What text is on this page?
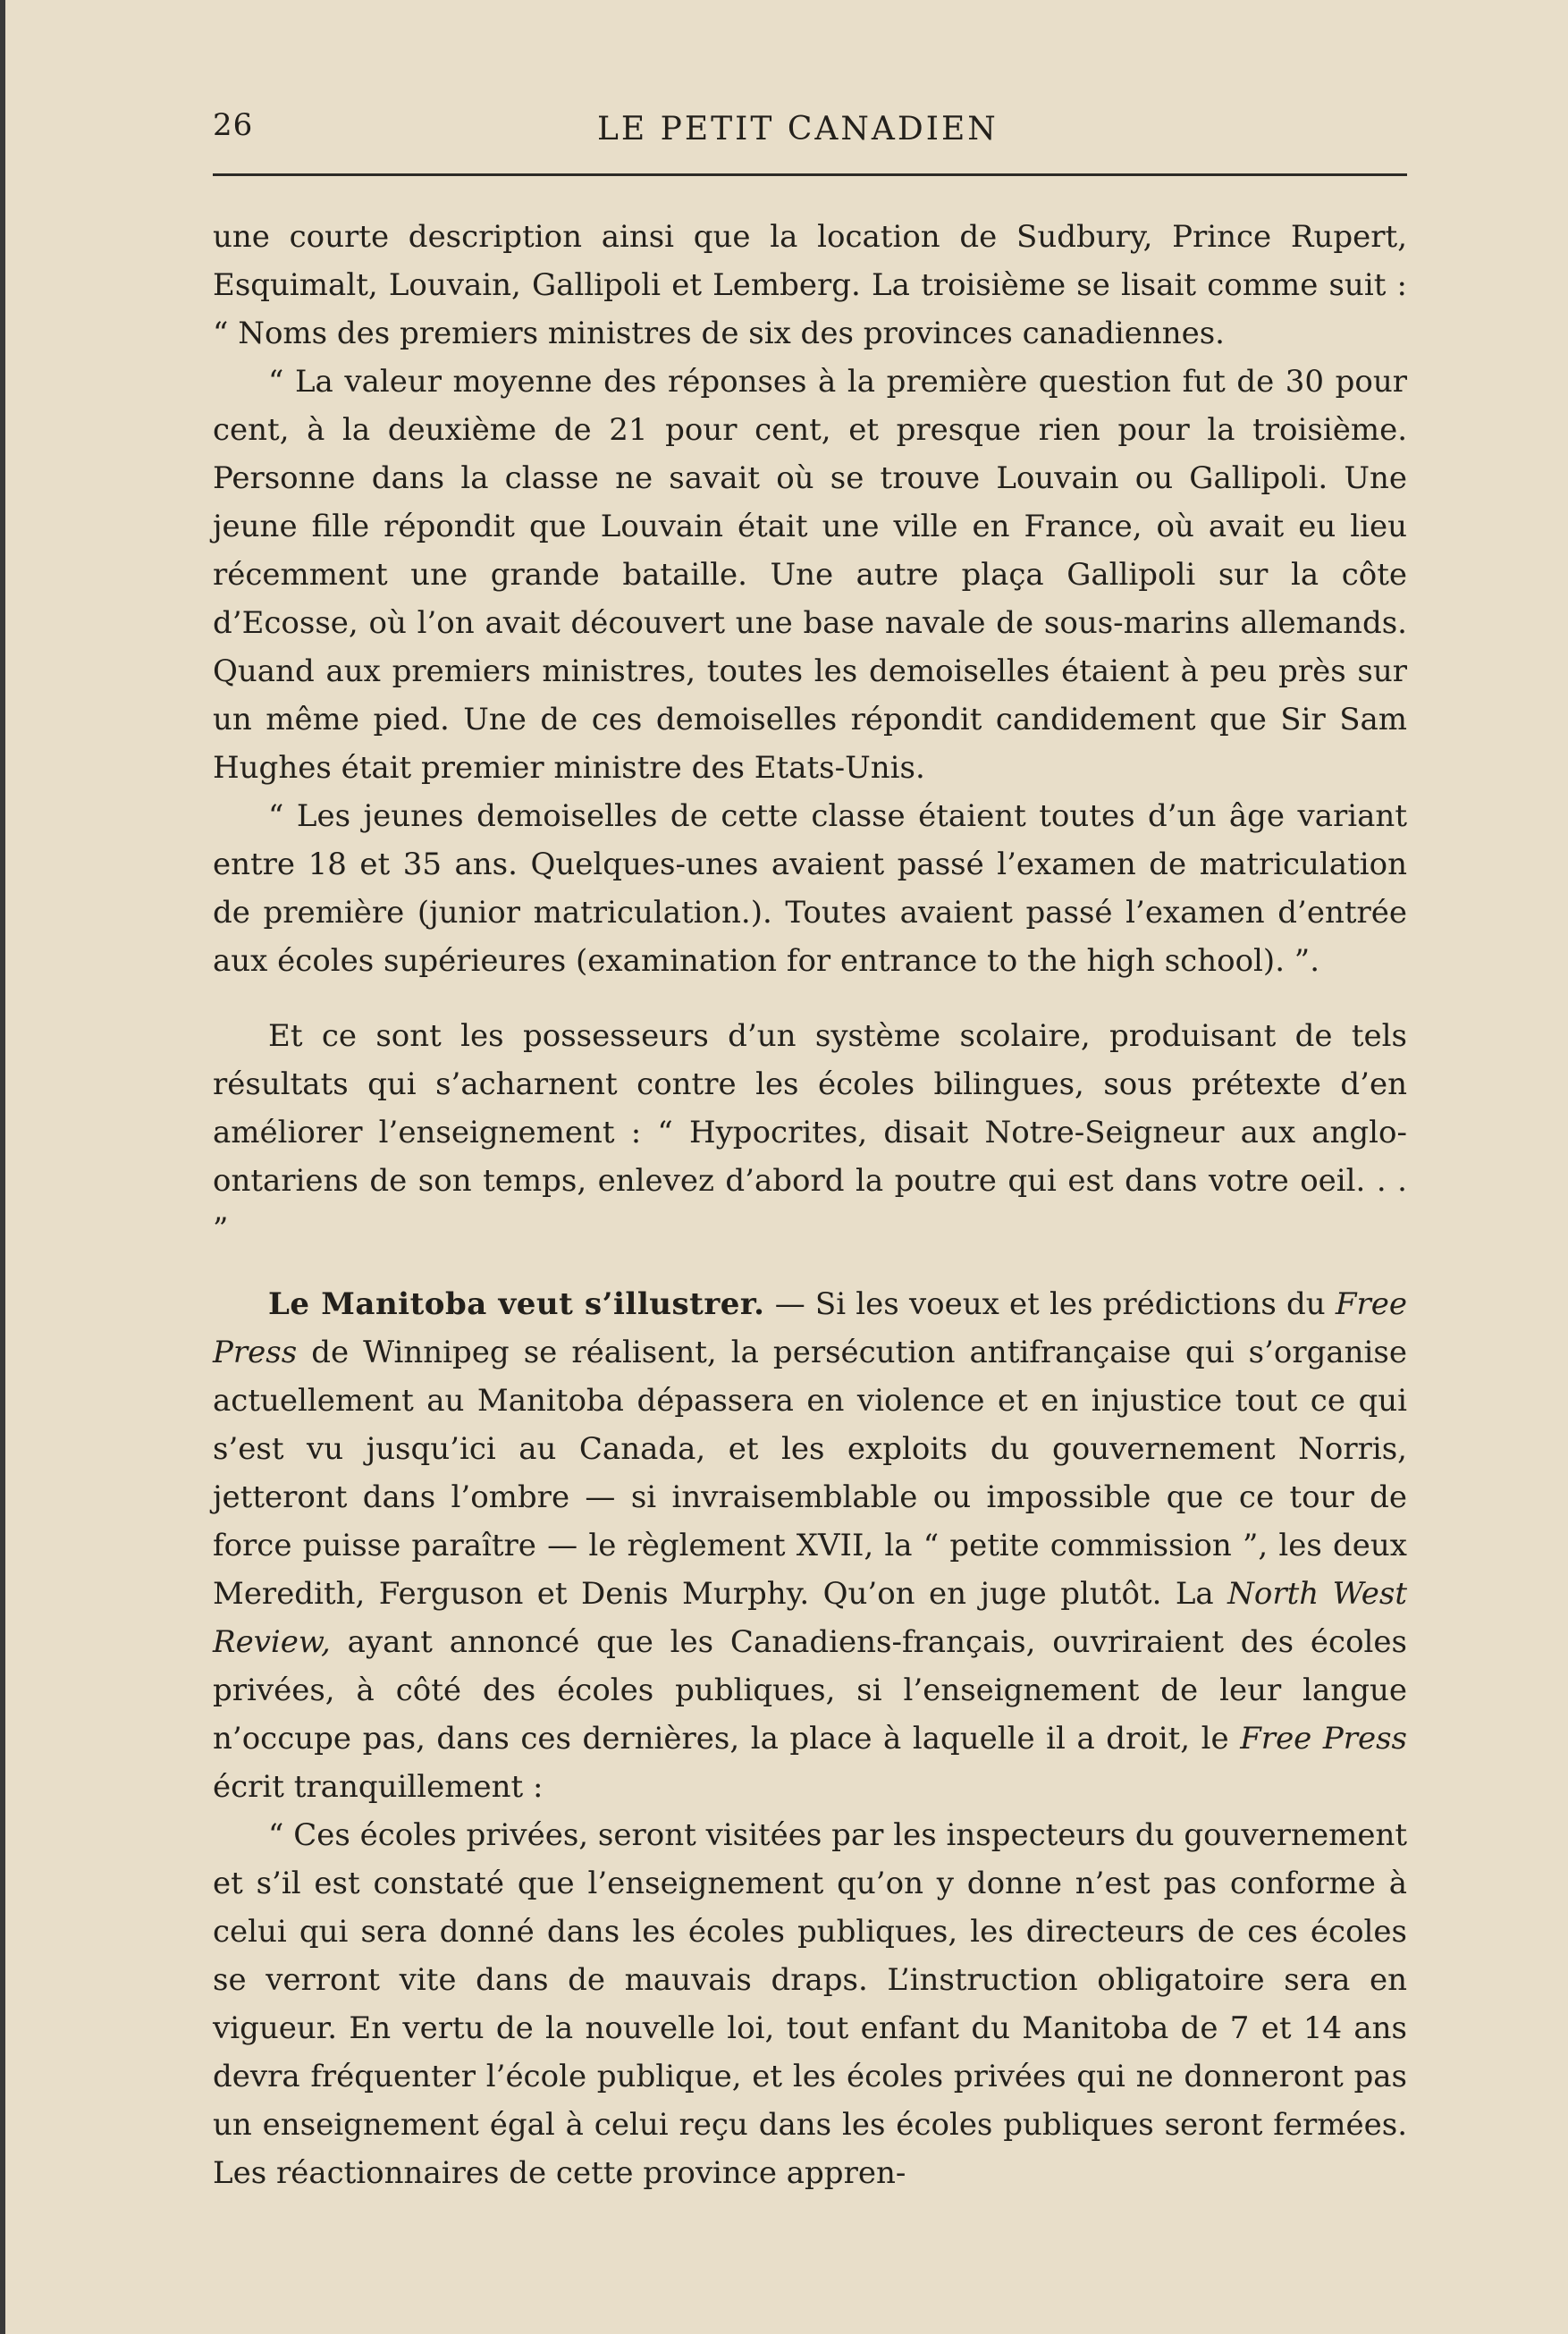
26	LE PETIT CANADIEN

une courte description ainsi que la location de Sudbury, Prince Rupert, Esquimalt, Louvain, Gallipoli et Lemberg. La troisième se lisait comme suit : “ Noms des premiers ministres de six des provinces canadiennes.

“ La valeur moyenne des réponses à la première question fut de 30 pour cent, à la deuxième de 21 pour cent, et presque rien pour la troisième. Personne dans la classe ne savait où se trouve Louvain ou Gallipoli. Une jeune fille répondit que Louvain était une ville en France, où avait eu lieu récemment une grande bataille. Une autre plaça Gallipoli sur la côte d’Ecosse, où l’on avait découvert une base navale de sous-marins allemands. Quand aux premiers ministres, toutes les demoiselles étaient à peu près sur un même pied. Une de ces demoiselles répondit candidement que Sir Sam Hughes était premier ministre des Etats-Unis.

“ Les jeunes demoiselles de cette classe étaient toutes d’un âge variant entre 18 et 35 ans. Quelques-unes avaient passé l’examen de matriculation de première (junior matriculation.). Toutes avaient passé l’examen d’entrée aux écoles supérieures (examination for entrance to the high school). ”.

Et ce sont les possesseurs d’un système scolaire, produisant de tels résultats qui s’acharnent contre les écoles bilingues, sous prétexte d’en améliorer l’enseignement : “ Hypocrites, disait Notre-Seigneur aux anglo-ontariens de son temps, enlevez d’abord la poutre qui est dans votre oeil. . . ”

Le Manitoba veut s’illustrer. — Si les voeux et les prédictions du Free Press de Winnipeg se réalisent, la persécution antifrançaise qui s’organise actuellement au Manitoba dépassera en violence et en injustice tout ce qui s’est vu jusqu’ici au Canada, et les exploits du gouvernement Norris, jetteront dans l’ombre — si invraisemblable ou impossible que ce tour de force puisse paraître — le règlement XVII, la “ petite commission ”, les deux Meredith, Ferguson et Denis Murphy. Qu’on en juge plutôt. La North West Review, ayant annoncé que les Canadiens-français, ouvriraient des écoles privées, à côté des écoles publiques, si l’enseignement de leur langue n’occupe pas, dans ces dernières, la place à laquelle il a droit, le Free Press écrit tranquillement :

“ Ces écoles privées, seront visitées par les inspecteurs du gouvernement et s’il est constaté que l’enseignement qu’on y donne n’est pas conforme à celui qui sera donné dans les écoles publiques, les directeurs de ces écoles se verront vite dans de mauvais draps. L’instruction obligatoire sera en vigueur. En vertu de la nouvelle loi, tout enfant du Manitoba de 7 et 14 ans devra fréquenter l’école publique, et les écoles privées qui ne donneront pas un enseignement égal à celui reçu dans les écoles publiques seront fermées. Les réactionnaires de cette province appren-
